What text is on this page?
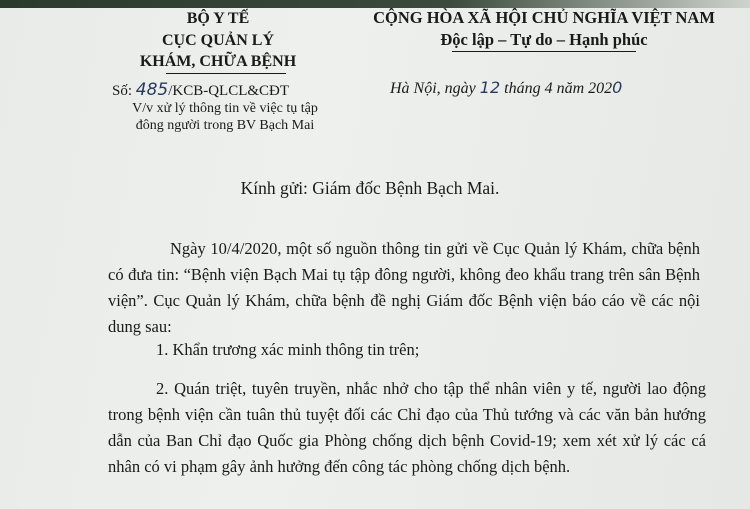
BỘ Y TẾ
CỤC QUẢN LÝ
KHÁM, CHỮA BỆNH
Số: 485/KCB-QLCL&CĐT
V/v xử lý thông tin về việc tụ tập
đông người trong BV Bạch Mai
CỘNG HÒA XÃ HỘI CHỦ NGHĨA VIỆT NAM
Độc lập – Tự do – Hạnh phúc
Hà Nội, ngày 12 tháng 4 năm 2020
Kính gửi: Giám đốc Bệnh Bạch Mai.
Ngày 10/4/2020, một số nguồn thông tin gửi về Cục Quản lý Khám, chữa bệnh có đưa tin: “Bệnh viện Bạch Mai tụ tập đông người, không đeo khẩu trang trên sân Bệnh viện”. Cục Quản lý Khám, chữa bệnh đề nghị Giám đốc Bệnh viện báo cáo về các nội dung sau:
1. Khẩn trương xác minh thông tin trên;
2. Quán triệt, tuyên truyền, nhắc nhở cho tập thể nhân viên y tế, người lao động trong bệnh viện cần tuân thủ tuyệt đối các Chỉ đạo của Thủ tướng và các văn bản hướng dẫn của Ban Chỉ đạo Quốc gia Phòng chống dịch bệnh Covid-19; xem xét xử lý các cá nhân có vi phạm gây ảnh hưởng đến công tác phòng chống dịch bệnh.
